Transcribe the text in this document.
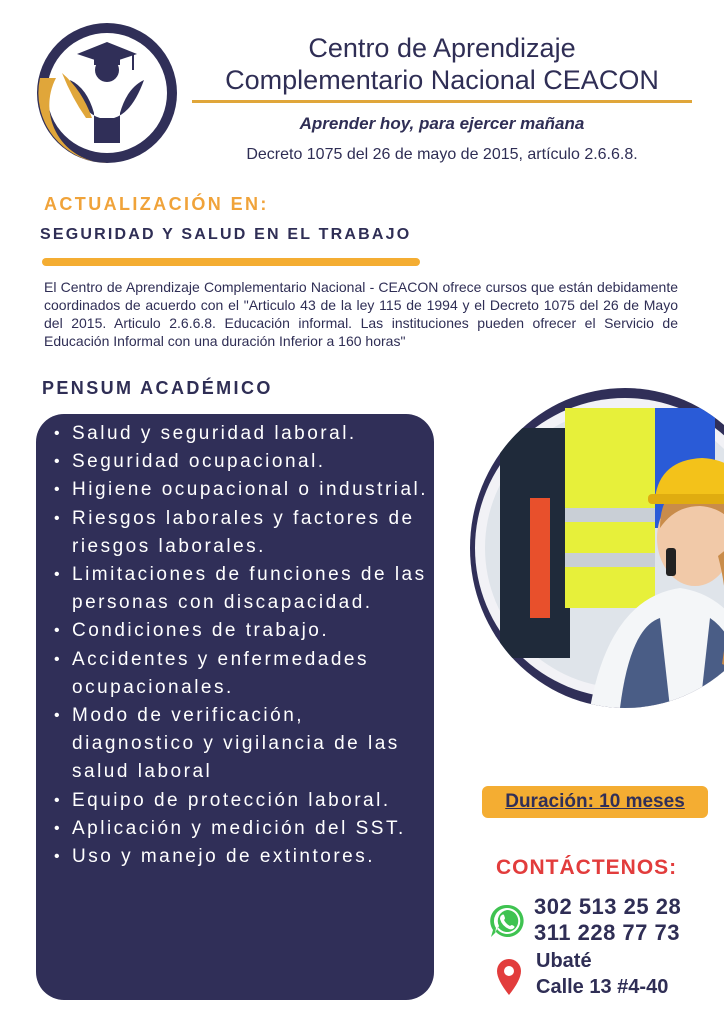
Centro de Aprendizaje
Complementario Nacional CEACON
Aprender hoy, para ejercer mañana
Decreto 1075 del 26 de mayo de 2015, artículo 2.6.6.8.
ACTUALIZACIÓN EN:
SEGURIDAD Y SALUD EN EL TRABAJO
El Centro de Aprendizaje Complementario Nacional - CEACON ofrece cursos que están debidamente coordinados de acuerdo con el "Articulo 43 de la ley 115 de 1994 y el Decreto 1075 del 26 de Mayo del 2015. Articulo 2.6.6.8. Educación informal. Las instituciones pueden ofrecer el Servicio de Educación Informal con una duración Inferior a 160 horas"
PENSUM ACADÉMICO
• Salud y seguridad laboral.
• Seguridad ocupacional.
• Higiene ocupacional o industrial.
• Riesgos laborales y factores de riesgos laborales.
• Limitaciones de funciones de las personas con discapacidad.
• Condiciones de trabajo.
• Accidentes y enfermedades ocupacionales.
• Modo de verificación, diagnostico y vigilancia de las salud laboral
• Equipo de protección laboral.
• Aplicación y medición del SST.
• Uso y manejo de extintores.
Duración: 10 meses
CONTÁCTENOS:
302 513 25 28
311 228 77 73
Ubaté
Calle 13 #4-40
